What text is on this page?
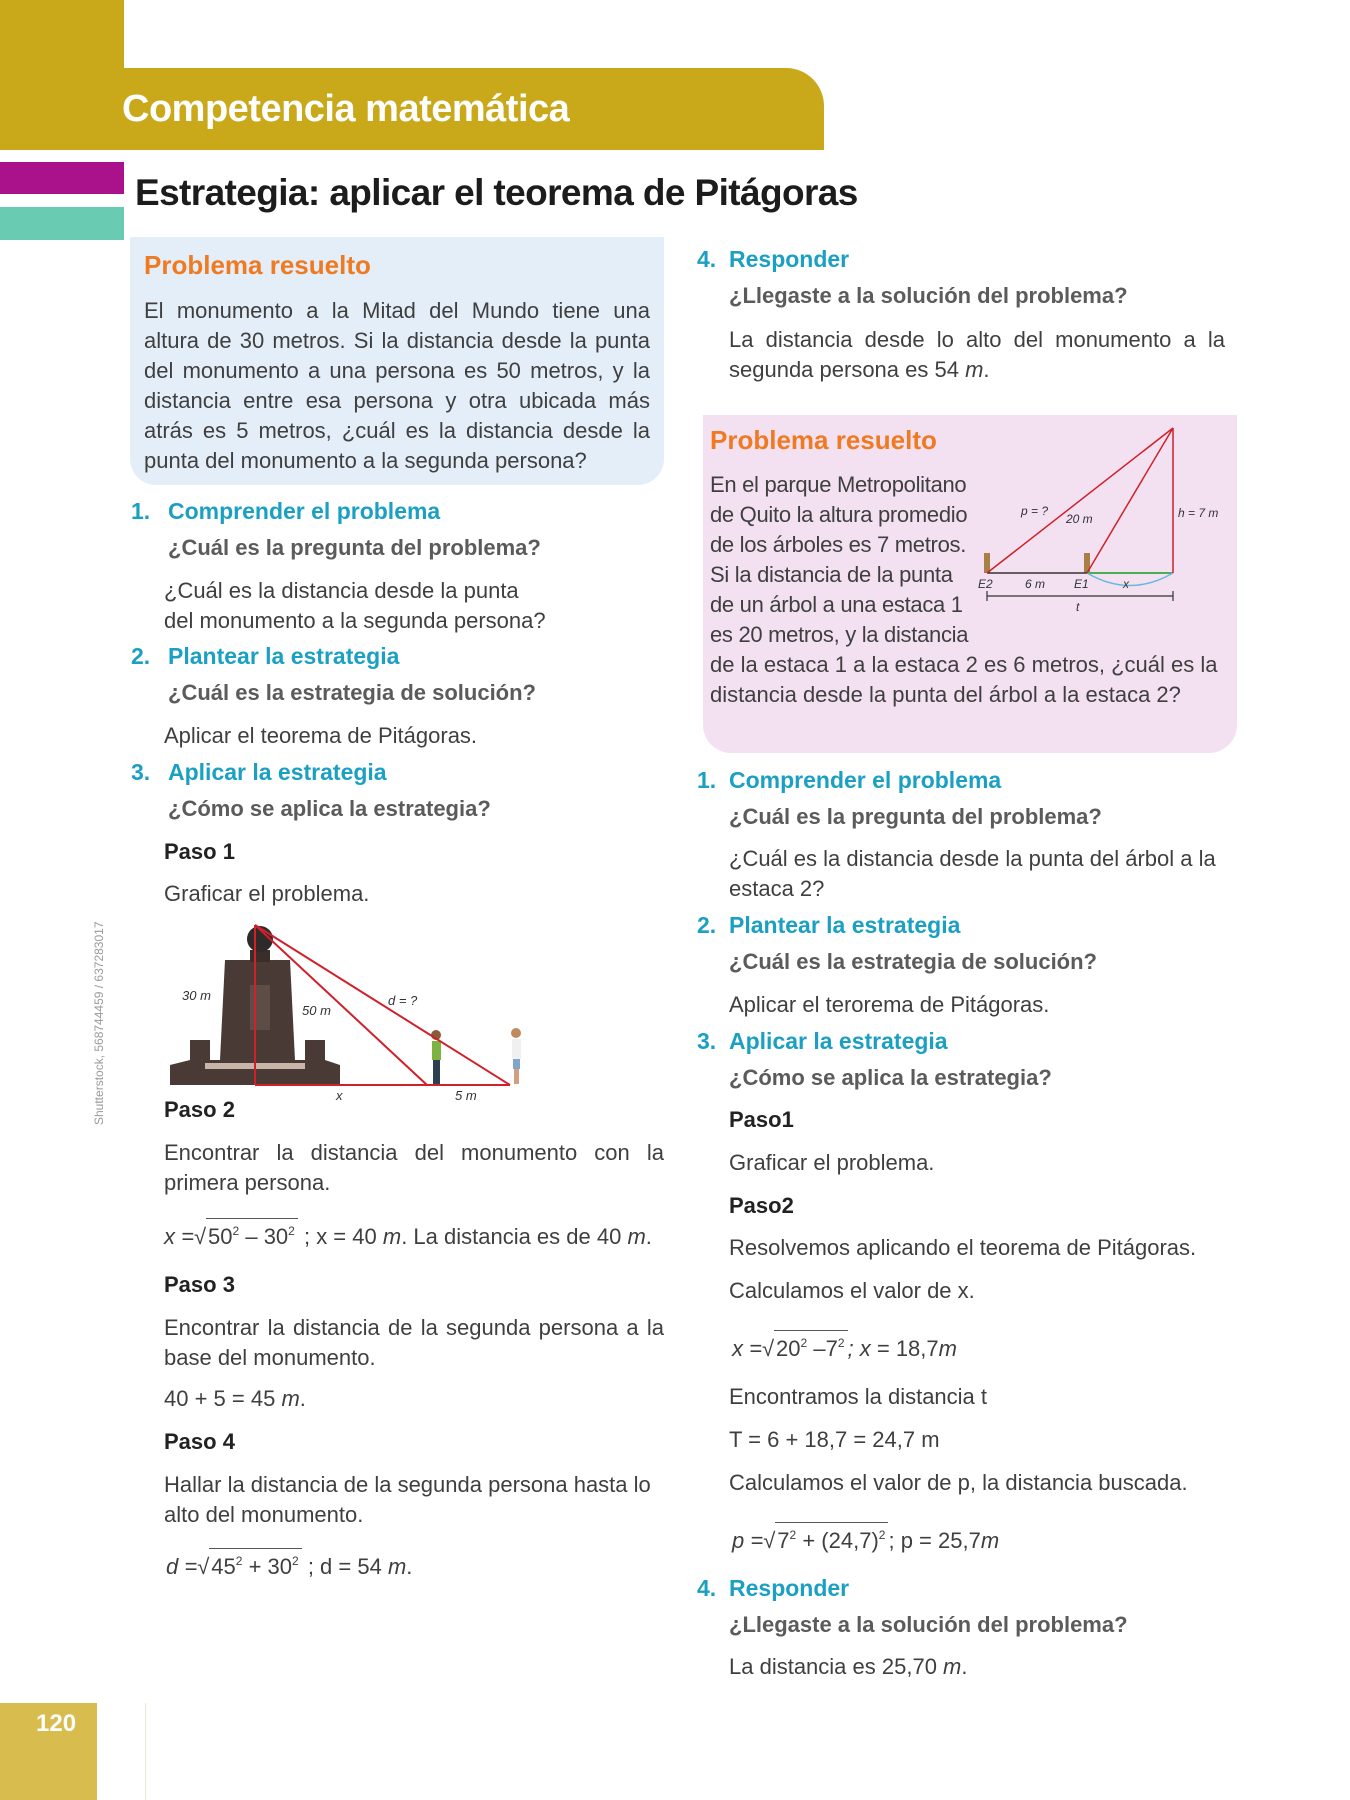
Competencia matemática
Estrategia: aplicar el teorema de Pitágoras
Problema resuelto

El monumento a la Mitad del Mundo tiene una altura de 30 metros. Si la distancia desde la punta del monumento a una persona es 50 metros, y la distancia entre esa persona y otra ubicada más atrás es 5 metros, ¿cuál es la distancia desde la punta del monumento a la segunda persona?

1. Comprender el problema
¿Cuál es la pregunta del problema?
¿Cuál es la distancia desde la punta
del monumento a la segunda persona?
2. Plantear la estrategia
¿Cuál es la estrategia de solución?
Aplicar el teorema de Pitágoras.
3. Aplicar la estrategia
¿Cómo se aplica la estrategia?
Paso 1
Graficar el problema.
30 m
50 m
d = ?
x	5 m
Paso 2

Encontrar la distancia del monumento con la primera persona.

$x =√50^2 - 30^2$ ; x = 40 m. La distancia es de 40 m.
Paso 3

Encontrar la distancia de la segunda persona a la base del monumento.

40 + 5 = 45 m.
Paso 4

Hallar la distancia de la segunda persona hasta lo alto del monumento.

$d =√45^2 + 30^2$ ; d = 54 m.
4. Responder
¿Llegaste a la solución del problema?

La distancia desde lo alto del monumento a la segunda persona es 54 m.

Problema resuelto
En el parque Metropolitano
de Quito la altura promedio
de los árboles es 7 metros.
Si la distancia de la punta
de un árbol a una estaca 1
es 20 metros, y la distancia
de la estaca 1 a la estaca 2 es 6 metros, ¿cuál es la
distancia desde la punta del árbol a la estaca 2?
p = ?
20 m	h = 7 m
E2	6 m E1	x
t
1. Comprender el problema
¿Cuál es la pregunta del problema?
¿Cuál es la distancia desde la punta del árbol a la
estaca 2?
2. Plantear la estrategia
¿Cuál es la estrategia de solución?
Aplicar el terorema de Pitágoras.
3. Aplicar la estrategia
¿Cómo se aplica la estrategia?
Paso1
Graficar el problema.
Paso2
Resolvemos aplicando el teorema de Pitágoras.
Calculamos el valor de x.
$x =√20^2$ $-7^2$ ; x = 18,7m
Encontramos la distancia t
T = 6 + 18,7 = 24,7 m
Calculamos el valor de p, la distancia buscada.
$p =√7^2 + (24,7)^2$ ; p = 25,7m
4. Responder
¿Llegaste a la solución del problema?
La distancia es 25,70 m.
Shutterstock, 568744459 / 637283017
120
